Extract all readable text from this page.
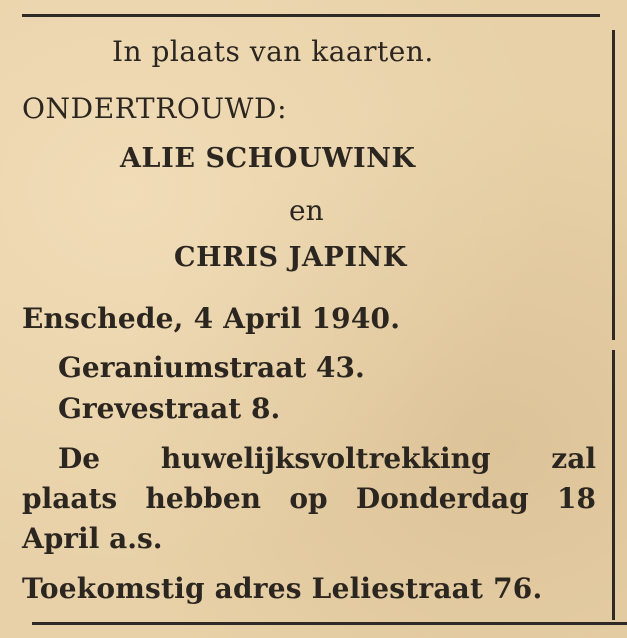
In plaats van kaarten.
ONDERTROUWD:
ALIE SCHOUWINK
en
CHRIS JAPINK
Enschede, 4 April 1940.
Geraniumstraat 43.
Grevestraat 8.
De huwelijksvoltrekking zal
plaats hebben op Donderdag 18
April a.s.
Toekomstig adres Leliestraat 76.
